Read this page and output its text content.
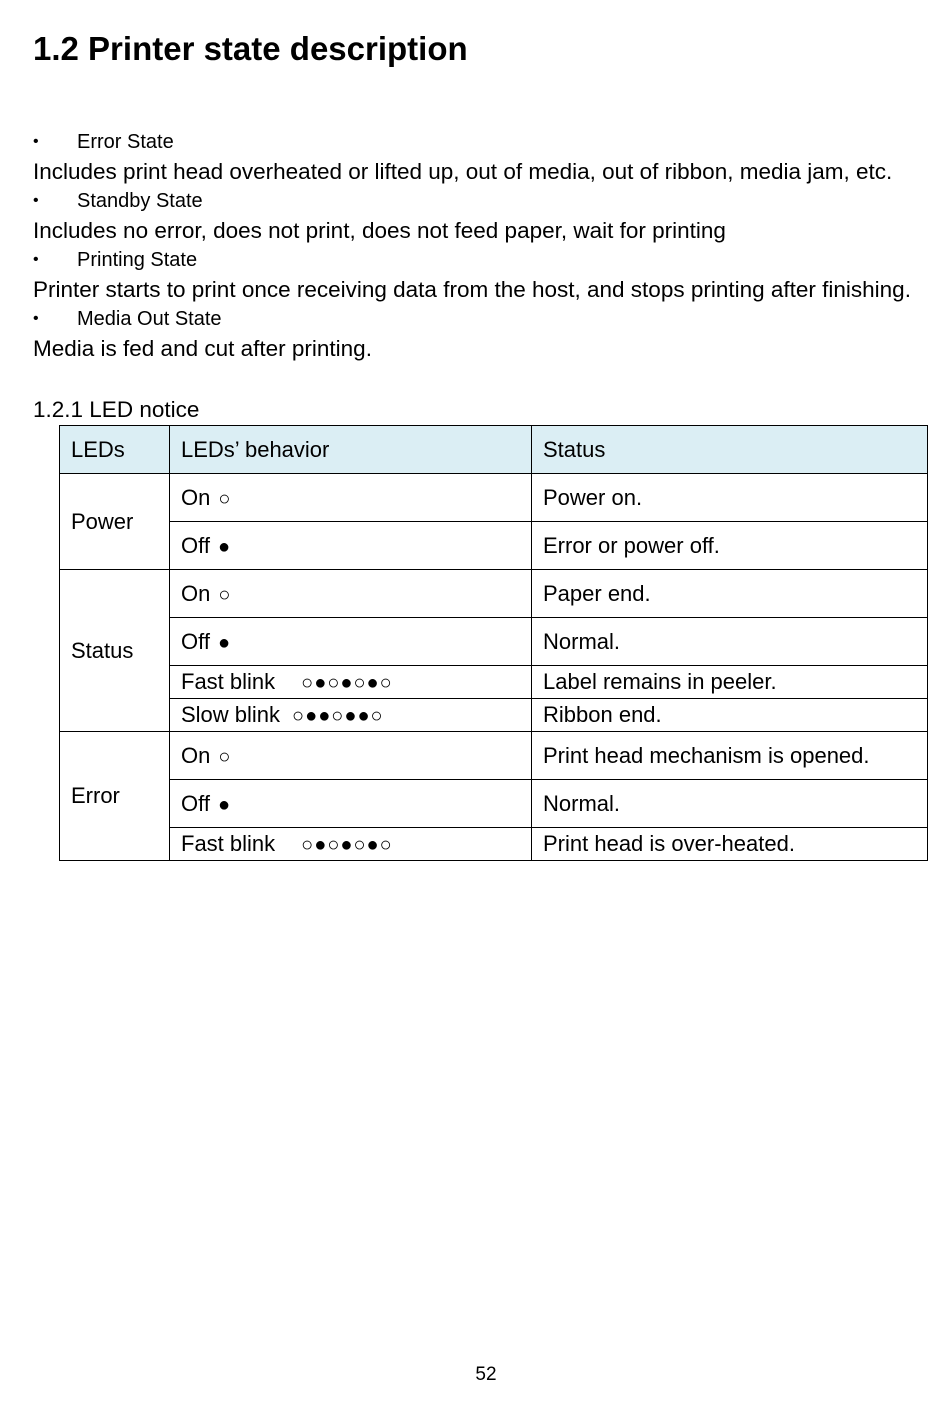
1.2 Printer state description
• Error State
Includes print head overheated or lifted up, out of media, out of ribbon, media jam, etc.
• Standby State
Includes no error, does not print, does not feed paper, wait for printing
• Printing State
Printer starts to print once receiving data from the host, and stops printing after finishing.
• Media Out State
Media is fed and cut after printing.
1.2.1 LED notice
LEDs	LEDs’ behavior	Status
Power	On ○	Power on.
	Off ●	Error or power off.
Status	On ○	Paper end.
	Off ●	Normal.
	Fast blink ○●○●○●○	Label remains in peeler.
	Slow blink ○●●○●●○	Ribbon end.
Error	On ○	Print head mechanism is opened.
	Off ●	Normal.
	Fast blink ○●○●○●○	Print head is over-heated.
52
